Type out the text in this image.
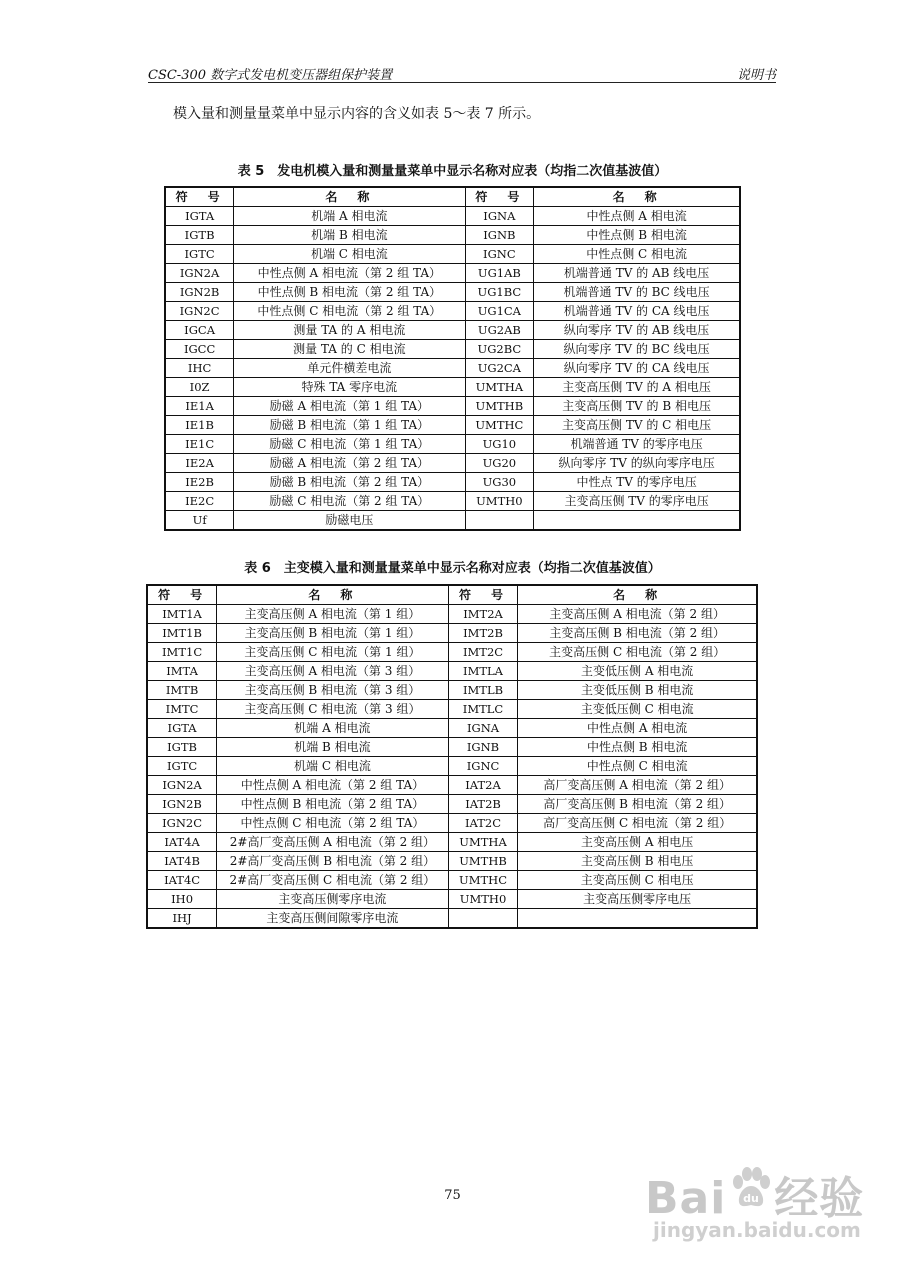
CSC-300 数字式发电机变压器组保护装置	说明书
模入量和测量量菜单中显示内容的含义如表 5～表 7 所示。
表 5　发电机模入量和测量量菜单中显示名称对应表（均指二次值基波值）
符　号	名　称	符　号	名　称
IGTA	机端 A 相电流	IGNA	中性点侧 A 相电流
IGTB	机端 B 相电流	IGNB	中性点侧 B 相电流
IGTC	机端 C 相电流	IGNC	中性点侧 C 相电流
IGN2A	中性点侧 A 相电流（第 2 组 TA）	UG1AB	机端普通 TV 的 AB 线电压
IGN2B	中性点侧 B 相电流（第 2 组 TA）	UG1BC	机端普通 TV 的 BC 线电压
IGN2C	中性点侧 C 相电流（第 2 组 TA）	UG1CA	机端普通 TV 的 CA 线电压
IGCA	测量 TA 的 A 相电流	UG2AB	纵向零序 TV 的 AB 线电压
IGCC	测量 TA 的 C 相电流	UG2BC	纵向零序 TV 的 BC 线电压
IHC	单元件横差电流	UG2CA	纵向零序 TV 的 CA 线电压
I0Z	特殊 TA 零序电流	UMTHA	主变高压侧 TV 的 A 相电压
IE1A	励磁 A 相电流（第 1 组 TA）	UMTHB	主变高压侧 TV 的 B 相电压
IE1B	励磁 B 相电流（第 1 组 TA）	UMTHC	主变高压侧 TV 的 C 相电压
IE1C	励磁 C 相电流（第 1 组 TA）	UG10	机端普通 TV 的零序电压
IE2A	励磁 A 相电流（第 2 组 TA）	UG20	纵向零序 TV 的纵向零序电压
IE2B	励磁 B 相电流（第 2 组 TA）	UG30	中性点 TV 的零序电压
IE2C	励磁 C 相电流（第 2 组 TA）	UMTH0	主变高压侧 TV 的零序电压
Uf	励磁电压		
表 6　主变模入量和测量量菜单中显示名称对应表（均指二次值基波值）
符　号	名　称	符　号	名　称
IMT1A	主变高压侧 A 相电流（第 1 组）	IMT2A	主变高压侧 A 相电流（第 2 组）
IMT1B	主变高压侧 B 相电流（第 1 组）	IMT2B	主变高压侧 B 相电流（第 2 组）
IMT1C	主变高压侧 C 相电流（第 1 组）	IMT2C	主变高压侧 C 相电流（第 2 组）
IMTA	主变高压侧 A 相电流（第 3 组）	IMTLA	主变低压侧 A 相电流
IMTB	主变高压侧 B 相电流（第 3 组）	IMTLB	主变低压侧 B 相电流
IMTC	主变高压侧 C 相电流（第 3 组）	IMTLC	主变低压侧 C 相电流
IGTA	机端 A 相电流	IGNA	中性点侧 A 相电流
IGTB	机端 B 相电流	IGNB	中性点侧 B 相电流
IGTC	机端 C 相电流	IGNC	中性点侧 C 相电流
IGN2A	中性点侧 A 相电流（第 2 组 TA）	IAT2A	高厂变高压侧 A 相电流（第 2 组）
IGN2B	中性点侧 B 相电流（第 2 组 TA）	IAT2B	高厂变高压侧 B 相电流（第 2 组）
IGN2C	中性点侧 C 相电流（第 2 组 TA）	IAT2C	高厂变高压侧 C 相电流（第 2 组）
IAT4A	2#高厂变高压侧 A 相电流（第 2 组）	UMTHA	主变高压侧 A 相电压
IAT4B	2#高厂变高压侧 B 相电流（第 2 组）	UMTHB	主变高压侧 B 相电压
IAT4C	2#高厂变高压侧 C 相电流（第 2 组）	UMTHC	主变高压侧 C 相电压
IH0	主变高压侧零序电流	UMTH0	主变高压侧零序电压
IHJ	主变高压侧间隙零序电流		
75	Bai 经验
du
jingyan.baidu.com
